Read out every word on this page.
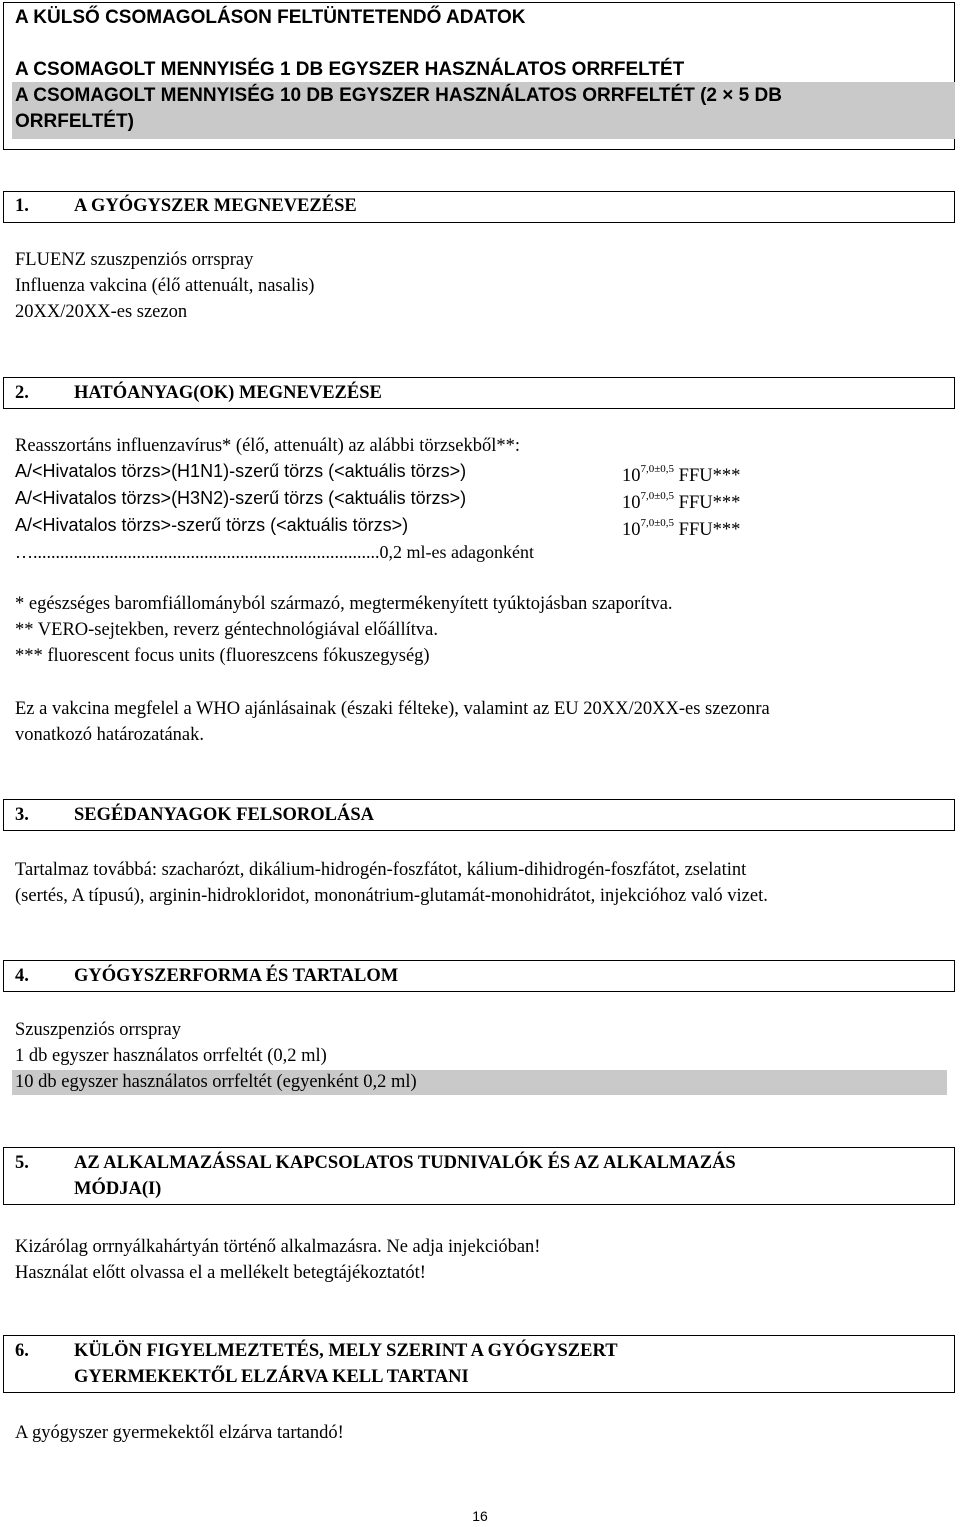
A KÜLSŐ CSOMAGOLÁSON FELTÜNTETENDŐ ADATOK
A CSOMAGOLT MENNYISÉG 1 DB EGYSZER HASZNÁLATOS ORRFELTÉT
A CSOMAGOLT MENNYISÉG 10 DB EGYSZER HASZNÁLATOS ORRFELTÉT (2 × 5 DB
ORRFELTÉT)
1. A GYÓGYSZER MEGNEVEZÉSE
FLUENZ szuszpenziós orrspray
Influenza vakcina (élő attenuált, nasalis)
20XX/20XX-es szezon
2. HATÓANYAG(OK) MEGNEVEZÉSE
Reasszortáns influenzavírus* (élő, attenuált) az alábbi törzsekből**:
A/<Hivatalos törzs>(H1N1)-szerű törzs (<aktuális törzs>)	$10^{7,0\pm 0,5}$ FFU***
A/<Hivatalos törzs>(H3N2)-szerű törzs (<aktuális törzs>)	$10^{7,0\pm 0,5}$ FFU***
A/<Hivatalos törzs>-szerű törzs (<aktuális törzs>)	$10^{7,0\pm 0,5}$ FFU***
….............................................................................0,2 ml-es adagonként
* egészséges baromfiállományból származó, megtermékenyített tyúktojásban szaporítva.
** VERO-sejtekben, reverz géntechnológiával előállítva.
*** fluorescent focus units (fluoreszcens fókuszegység)
Ez a vakcina megfelel a WHO ajánlásainak (északi félteke), valamint az EU 20XX/20XX-es szezonra
vonatkozó határozatának.
3. SEGÉDANYAGOK FELSOROLÁSA
Tartalmaz továbbá: szacharózt, dikálium-hidrogén-foszfátot, kálium-dihidrogén-foszfátot, zselatint
(sertés, A típusú), arginin-hidrokloridot, mononátrium-glutamát-monohidrátot, injekcióhoz való vizet.
4. GYÓGYSZERFORMA ÉS TARTALOM
Szuszpenziós orrspray
1 db egyszer használatos orrfeltét (0,2 ml)
10 db egyszer használatos orrfeltét (egyenként 0,2 ml)
5. AZ ALKALMAZÁSSAL KAPCSOLATOS TUDNIVALÓK ÉS AZ ALKALMAZÁS
MÓDJA(I)
Kizárólag orrnyálkahártyán történő alkalmazásra. Ne adja injekcióban!
Használat előtt olvassa el a mellékelt betegtájékoztatót!
6. KÜLÖN FIGYELMEZTETÉS, MELY SZERINT A GYÓGYSZERT
GYERMEKEKTŐL ELZÁRVA KELL TARTANI
A gyógyszer gyermekektől elzárva tartandó!
16
